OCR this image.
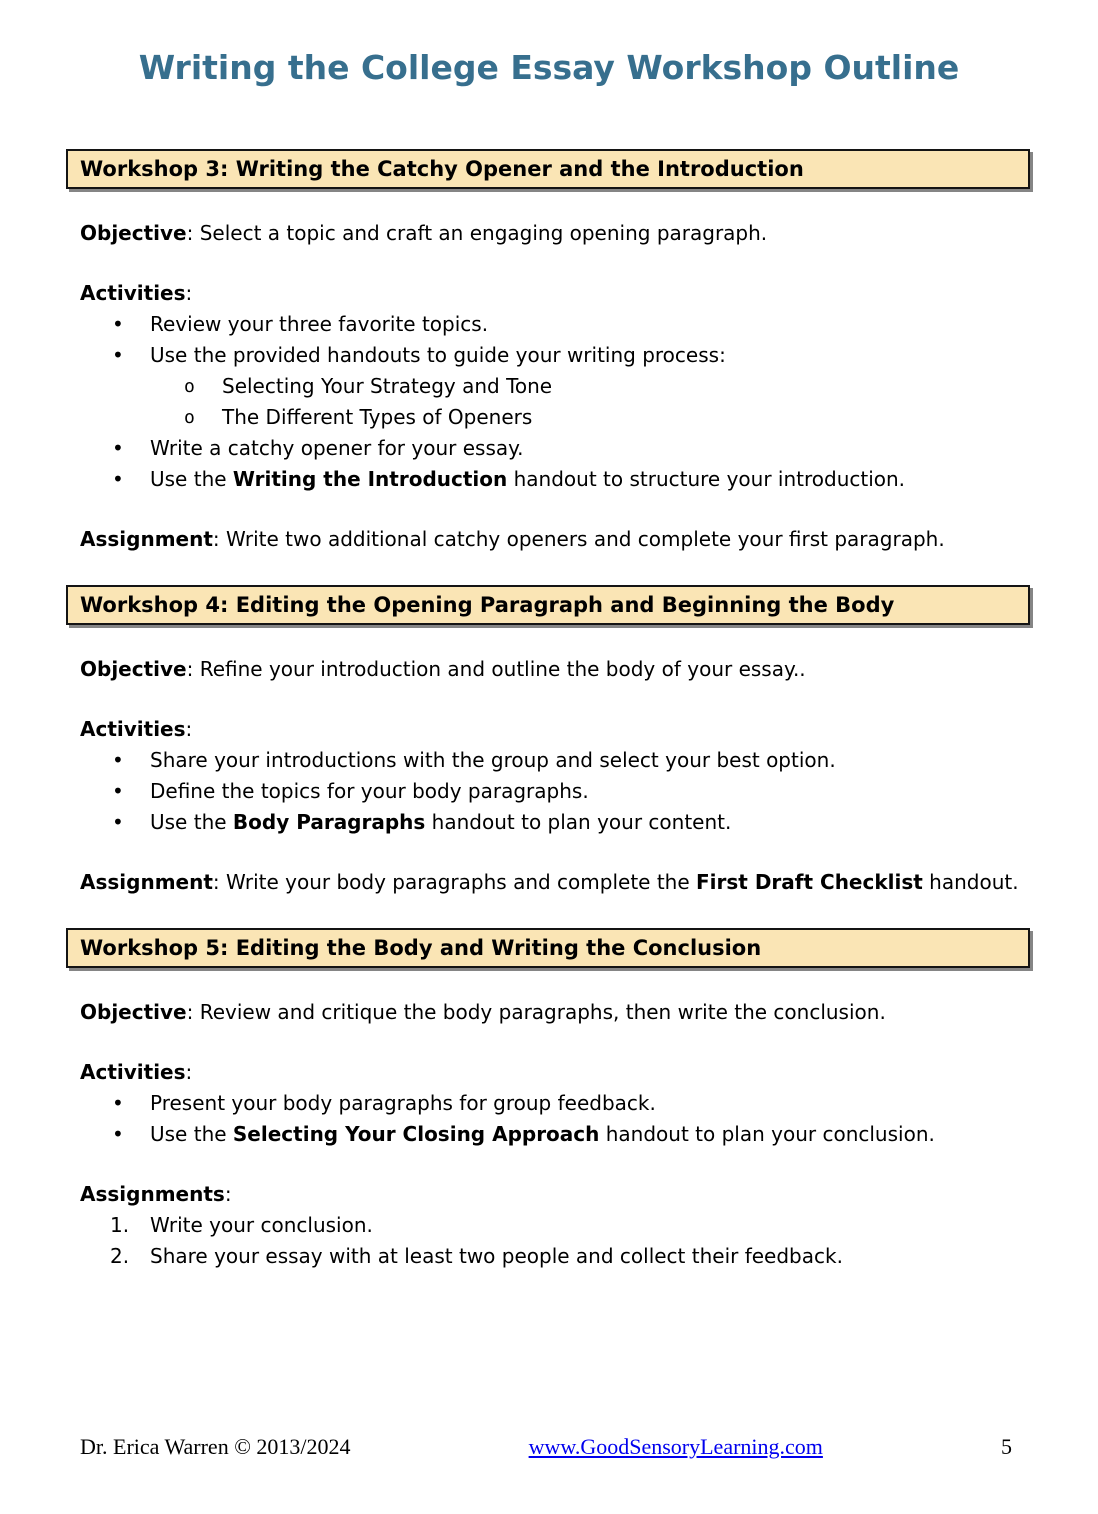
Writing the College Essay Workshop Outline
Workshop 3: Writing the Catchy Opener and the Introduction

Objective: Select a topic and craft an engaging opening paragraph.

Activities:

•	Review your three favorite topics.
•	Use the provided handouts to guide your writing process:
o	Selecting Your Strategy and Tone
o	The Different Types of Openers
•	Write a catchy opener for your essay.
•	Use the Writing the Introduction handout to structure your introduction.

Assignment: Write two additional catchy openers and complete your first paragraph.

Workshop 4: Editing the Opening Paragraph and Beginning the Body

Objective: Refine your introduction and outline the body of your essay..

Activities:

•	Share your introductions with the group and select your best option.
•	Define the topics for your body paragraphs.
•	Use the Body Paragraphs handout to plan your content.

Assignment: Write your body paragraphs and complete the First Draft Checklist handout.

Workshop 5: Editing the Body and Writing the Conclusion

Objective: Review and critique the body paragraphs, then write the conclusion.

Activities:

•	Present your body paragraphs for group feedback.
•	Use the Selecting Your Closing Approach handout to plan your conclusion.

Assignments:

1.	Write your conclusion.
2.	Share your essay with at least two people and collect their feedback.
Dr. Erica Warren © 2013/2024	www.GoodSensoryLearning.com	5
